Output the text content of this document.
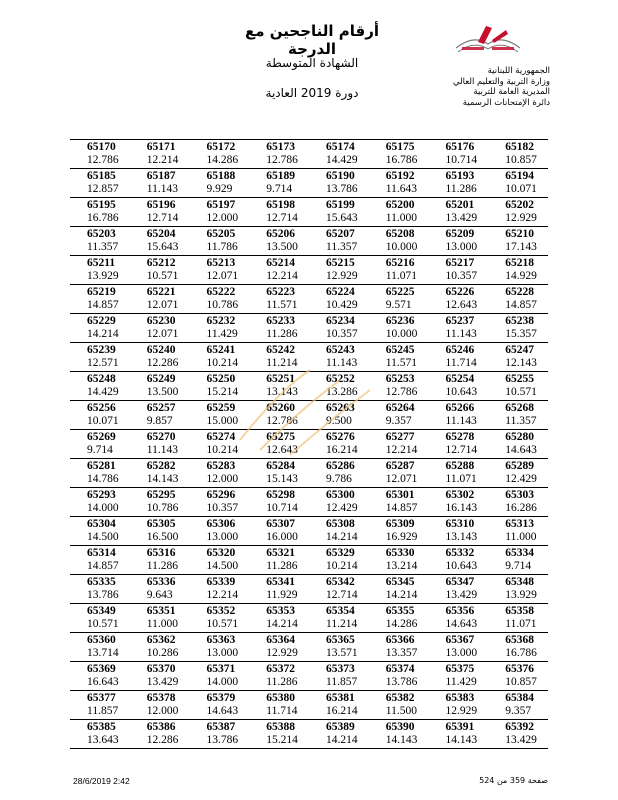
أرقام الناجحين مع الدرجة
الشهادة المتوسطة
دورة 2019 العادية
الجمهورية اللبنانية
وزارة التربية والتعليم العالي
المديرية العامة للتربية
دائرة الإمتحانات الرسمية
65170
12.786
65171
12.214
65172
14.286
65173
12.786
65174
14.429
65175
16.786
65176
10.714
65182
10.857
65185
12.857
65187
11.143
65188
9.929
65189
9.714
65190
13.786
65192
11.643
65193
11.286
65194
10.071
65195
16.786
65196
12.714
65197
12.000
65198
12.714
65199
15.643
65200
11.000
65201
13.429
65202
12.929
65203
11.357
65204
15.643
65205
11.786
65206
13.500
65207
11.357
65208
10.000
65209
13.000
65210
17.143
65211
13.929
65212
10.571
65213
12.071
65214
12.214
65215
12.929
65216
11.071
65217
10.357
65218
14.929
65219
14.857
65221
12.071
65222
10.786
65223
11.571
65224
10.429
65225
9.571
65226
12.643
65228
14.857
65229
14.214
65230
12.071
65232
11.429
65233
11.286
65234
10.357
65236
10.000
65237
11.143
65238
15.357
65239
12.571
65240
12.286
65241
10.214
65242
11.214
65243
11.143
65245
11.571
65246
11.714
65247
12.143
65248
14.429
65249
13.500
65250
15.214
65251
13.143
65252
13.286
65253
12.786
65254
10.643
65255
10.571
65256
10.071
65257
9.857
65259
15.000
65260
12.786
65263
9.500
65264
9.357
65266
11.143
65268
11.357
65269
9.714
65270
11.143
65274
10.214
65275
12.643
65276
16.214
65277
12.214
65278
12.714
65280
14.643
65281
14.786
65282
14.143
65283
12.000
65284
15.143
65286
9.786
65287
12.071
65288
11.071
65289
12.429
65293
14.000
65295
10.786
65296
10.357
65298
10.714
65300
12.429
65301
14.857
65302
16.143
65303
16.286
65304
14.500
65305
16.500
65306
13.000
65307
16.000
65308
14.214
65309
16.929
65310
13.143
65313
11.000
65314
14.857
65316
11.286
65320
14.500
65321
11.286
65329
10.214
65330
13.214
65332
10.643
65334
9.714
65335
13.786
65336
9.643
65339
12.214
65341
11.929
65342
12.714
65345
14.214
65347
13.429
65348
13.929
65349
10.571
65351
11.000
65352
10.571
65353
14.214
65354
11.214
65355
14.286
65356
14.643
65358
11.071
65360
13.714
65362
10.286
65363
13.000
65364
12.929
65365
13.571
65366
13.357
65367
13.000
65368
16.786
65369
16.643
65370
13.429
65371
14.000
65372
11.286
65373
11.857
65374
13.786
65375
11.429
65376
10.857
65377
11.857
65378
12.000
65379
14.643
65380
11.714
65381
16.214
65382
11.500
65383
12.929
65384
9.357
65385
13.643
65386
12.286
65387
13.786
65388
15.214
65389
14.214
65390
14.143
65391
14.143
65392
13.429
28/6/2019 2:42	صفحة 359 من 524
